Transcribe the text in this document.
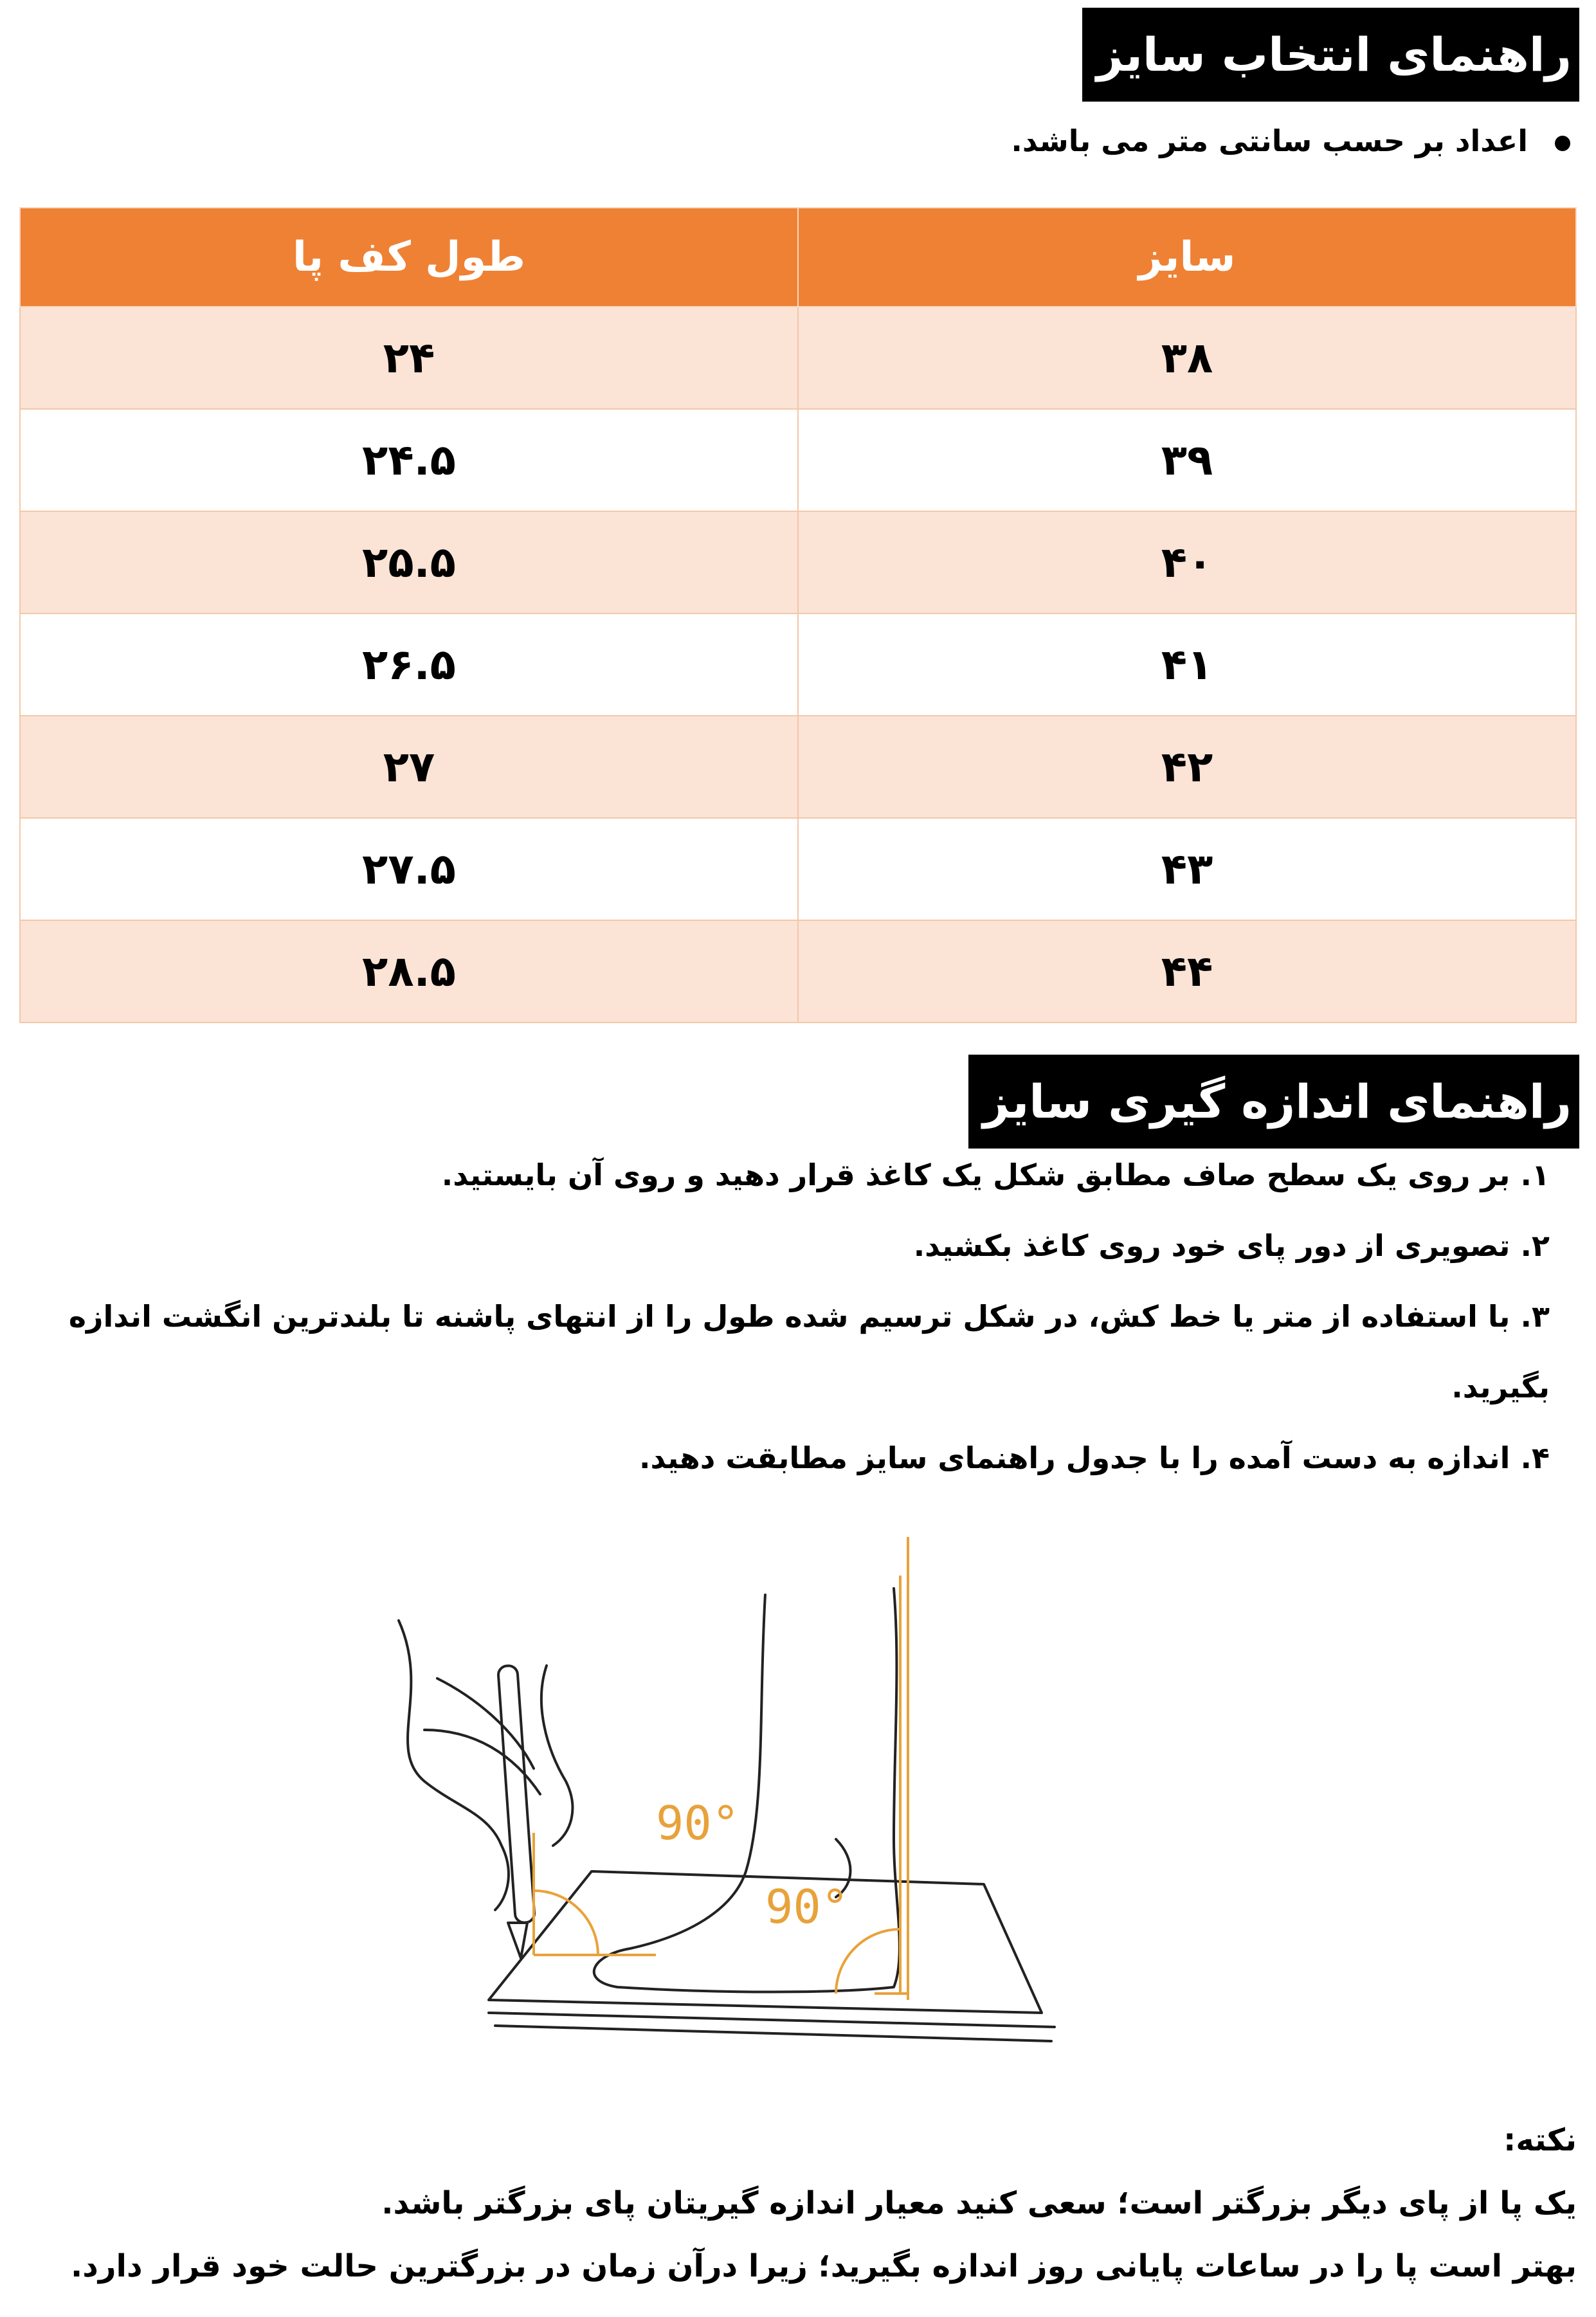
راهنمای انتخاب سایز
اعداد بر حسب سانتی متر می باشد.
سایز	طول کف پا
۳۸	۲۴
۳۹	۲۴.۵
۴۰	۲۵.۵
۴۱	۲۶.۵
۴۲	۲۷
۴۳	۲۷.۵
۴۴	۲۸.۵
راهنمای اندازه گیری سایز
۱. بر روی یک سطح صاف مطابق شکل یک کاغذ قرار دهید و روی آن بایستید.
۲. تصویری از دور پای خود روی کاغذ بکشید.
۳. با استفاده از متر یا خط کش، در شکل ترسیم شده طول را از انتهای پاشنه تا بلندترین انگشت اندازه
بگیرید.
۴. اندازه به دست آمده را با جدول راهنمای سایز مطابقت دهید.
90°
90°
نکته:
یک پا از پای دیگر بزرگتر است؛ سعی کنید معیار اندازه گیریتان پای بزرگتر باشد.
بهتر است پا را در ساعات پایانی روز اندازه بگیرید؛ زیرا درآن زمان در بزرگترین حالت خود قرار دارد.
